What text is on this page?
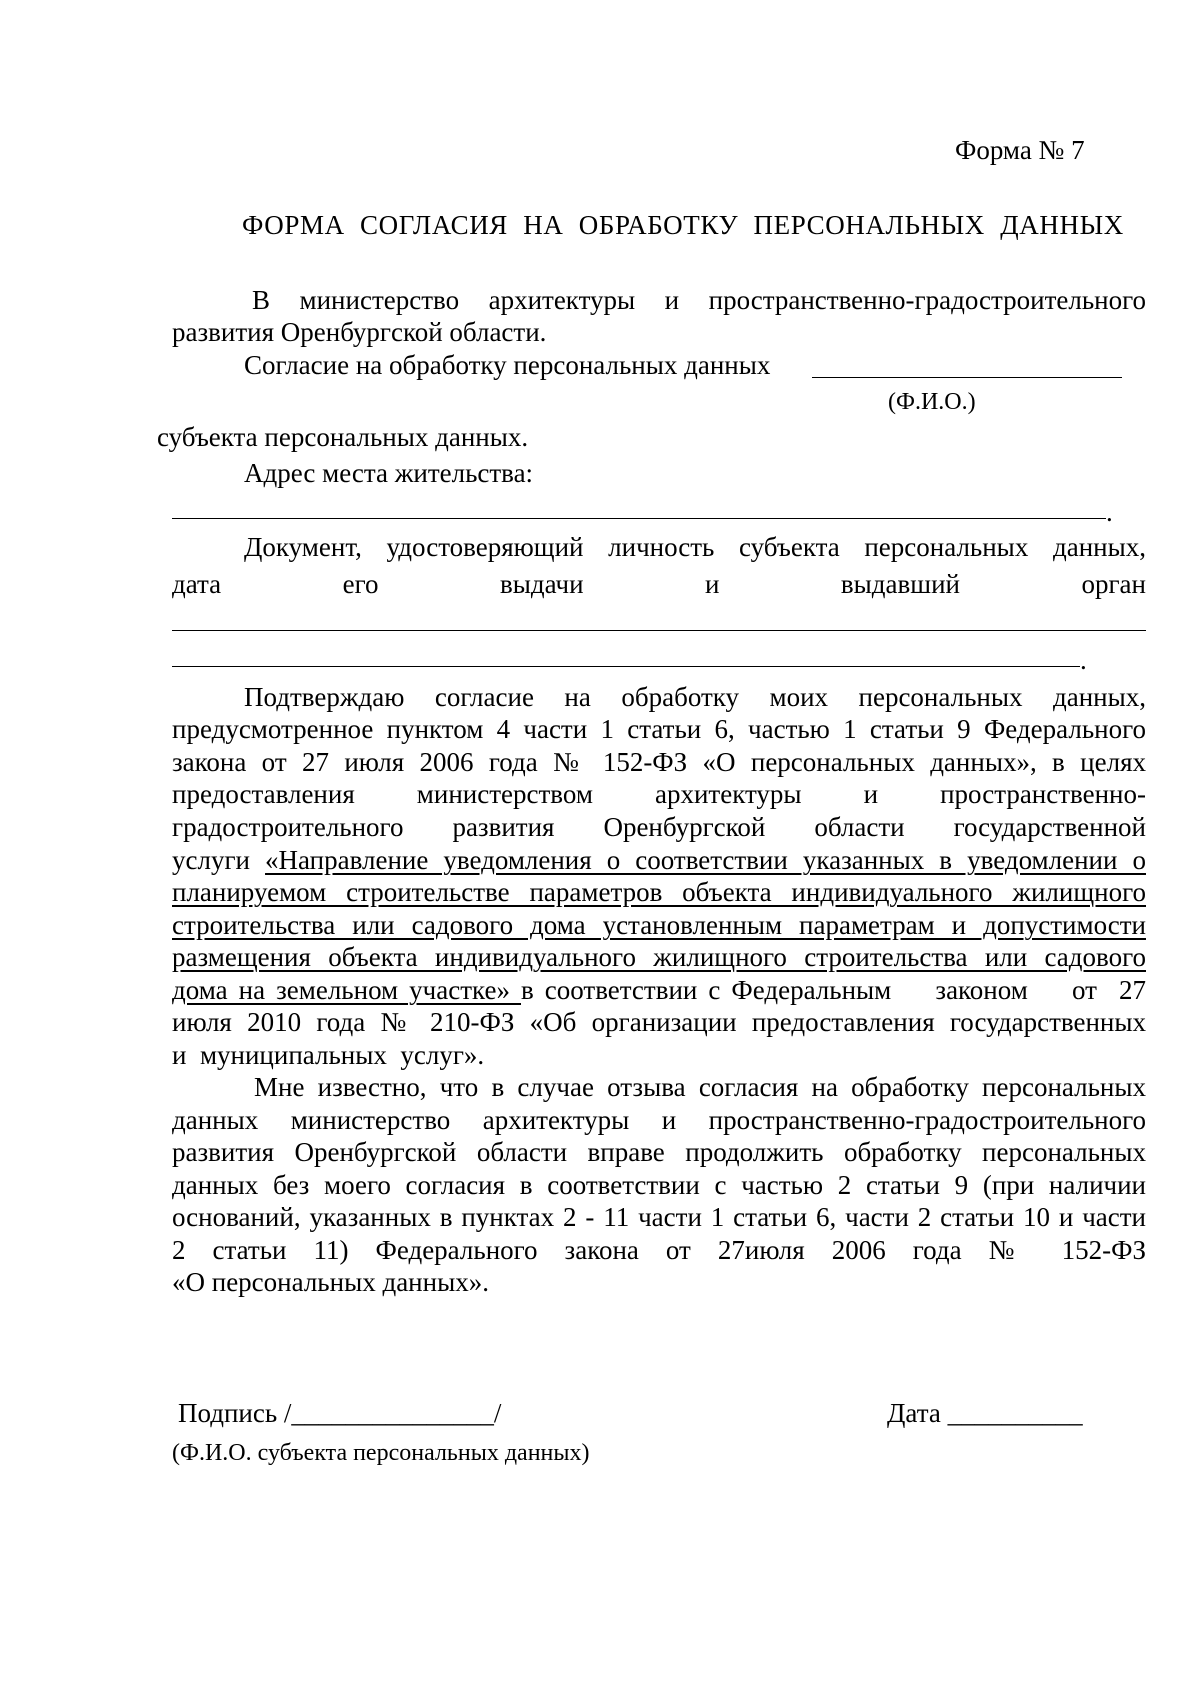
Форма № 7
ФОРМА СОГЛАСИЯ НА ОБРАБОТКУ ПЕРСОНАЛЬНЫХ ДАННЫХ
В министерство архитектуры и пространственно-градостроительного
развития Оренбургской области.
Согласие на обработку персональных данных
(Ф.И.О.)
субъекта персональных данных.
Адрес места жительства:
.
Документ, удостоверяющий личность субъекта персональных данных,
дата	его	выдачи	и	выдавший	орган
.
Подтверждаю согласие на обработку моих персональных данных,
предусмотренное пунктом 4 части 1 статьи 6, частью 1 статьи 9 Федерального
закона от 27 июля 2006 года № 152-ФЗ «О персональных данных», в целях
предоставления министерством архитектуры и пространственно-
градостроительного развития Оренбургской области государственной
услуги «Направление уведомления о соответствии указанных в уведомлении о
планируемом строительстве параметров объекта индивидуального жилищного
строительства или садового дома установленным параметрам и допустимости
размещения объекта индивидуального жилищного строительства или садового
дома на земельном участке» в соответствии с Федеральным    законом    от  27
июля 2010 года № 210-ФЗ «Об организации предоставления государственных
и  муниципальных  услуг».
Мне известно, что в случае отзыва согласия на обработку персональных
данных министерство архитектуры и пространственно-градостроительного
развития Оренбургской области вправе продолжить обработку персональных
данных без моего согласия в соответствии с частью 2 статьи 9 (при наличии
оснований, указанных в пунктах 2 - 11 части 1 статьи 6, части 2 статьи 10 и части
2 статьи 11) Федерального закона от 27июля 2006 года № 152-ФЗ
«О персональных данных».
Подпись /_______________/
(Ф.И.О. субъекта персональных данных)
Дата __________
